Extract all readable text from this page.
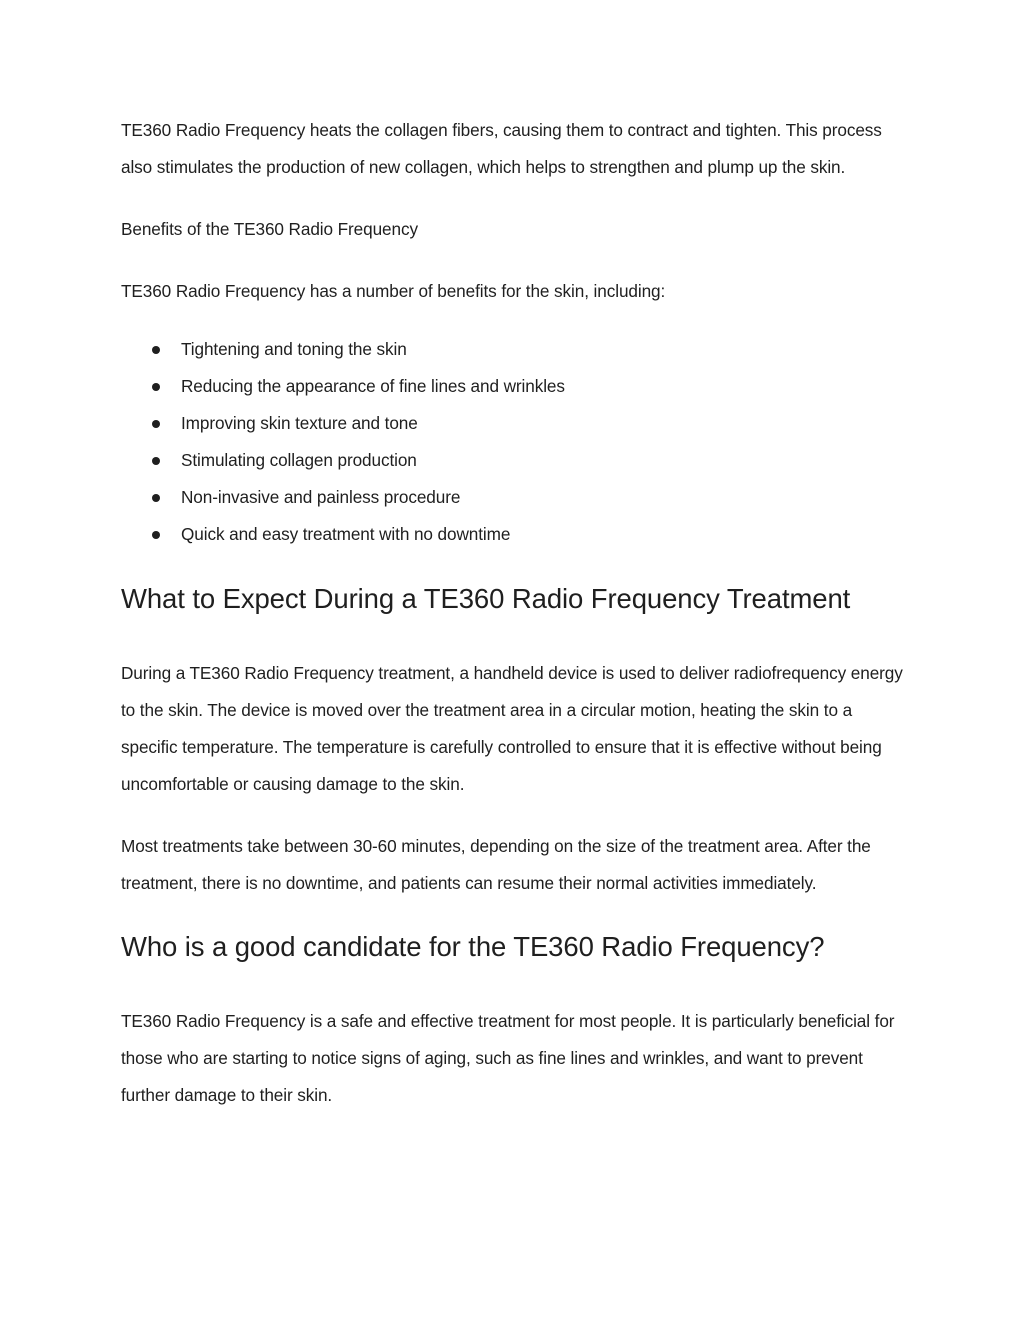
TE360 Radio Frequency heats the collagen fibers, causing them to contract and tighten. This process also stimulates the production of new collagen, which helps to strengthen and plump up the skin.

Benefits of the TE360 Radio Frequency

TE360 Radio Frequency has a number of benefits for the skin, including:

Tightening and toning the skin
Reducing the appearance of fine lines and wrinkles
Improving skin texture and tone
Stimulating collagen production
Non-invasive and painless procedure
Quick and easy treatment with no downtime
What to Expect During a TE360 Radio Frequency Treatment

During a TE360 Radio Frequency treatment, a handheld device is used to deliver radiofrequency energy to the skin. The device is moved over the treatment area in a circular motion, heating the skin to a specific temperature. The temperature is carefully controlled to ensure that it is effective without being uncomfortable or causing damage to the skin.

Most treatments take between 30-60 minutes, depending on the size of the treatment area. After the treatment, there is no downtime, and patients can resume their normal activities immediately.

Who is a good candidate for the TE360 Radio Frequency?

TE360 Radio Frequency is a safe and effective treatment for most people. It is particularly beneficial for those who are starting to notice signs of aging, such as fine lines and wrinkles, and want to prevent further damage to their skin.
